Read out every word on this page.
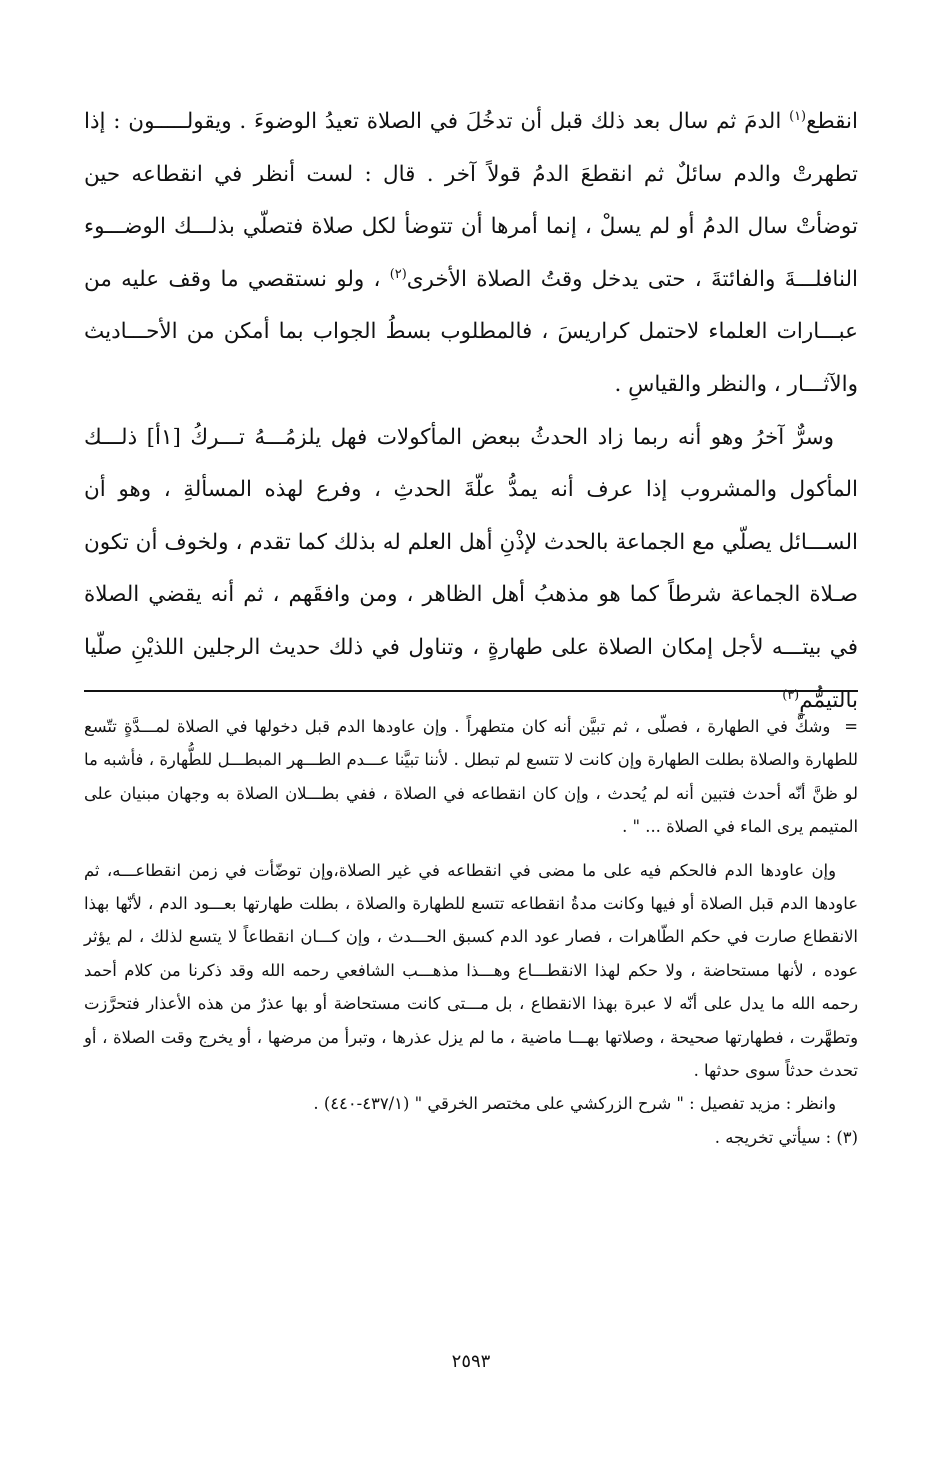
انقطع$^{(١)}$ الدمَ ثم سال بعد ذلك قبل أن تدخُلَ في الصلاة تعيدُ الوضوءَ . ويقولـــــون : إذا تطهرتْ والدم سائلٌ ثم انقطعَ الدمُ قولاً آخر . قال : لست أنظر في انقطاعه حين توضأتْ سال الدمُ أو لم يسلْ ، إنما أمرها أن تتوضأ لكل صلاة فتصلّي بذلـــك الوضـــوء النافلـــةَ والفائتةَ ، حتى يدخل وقتُ الصلاة الأخرى$^{(٢)}$ ، ولو نستقصي ما وقف عليه من عبـــارات العلماء لاحتمل كراريسَ ، فالمطلوب بسطُ الجواب بما أمكن من الأحـــاديث والآثـــار ، والنظر والقياسِ .

وسرٌّ آخرُ وهو أنه ربما زاد الحدثُ ببعض المأكولات فهل يلزمُـــهُ تـــركُ [١أ] ذلـــك المأكول والمشروب إذا عرف أنه يمدُّ علّةَ الحدثِ ، وفرع لهذه المسألةِ ، وهو أن الســـائل يصلّي مع الجماعة بالحدث لإذْنِ أهل العلم له بذلك كما تقدم ، ولخوف أن تكون صـلاة الجماعة شرطاً كما هو مذهبُ أهل الظاهر ، ومن وافقَهم ، ثم أنه يقضي الصلاة في بيتـــه لأجل إمكان الصلاة على طهارةٍ ، وتناول في ذلك حديث الرجلين اللذيْنِ صلّيا بالتيمُّمِ$^{(٣)}$

=وشكَّ في الطهارة ، فصلّى ، ثم تبيَّن أنه كان متطهراً . وإن عاودها الدم قبل دخولها في الصلاة لمـــدَّةٍ تتّسع للطهارة والصلاة بطلت الطهارة وإن كانت لا تتسع لم تبطل . لأننا تبيَّنا عـــدم الطـــهر المبطـــل للطُّهارة ، فأشبه ما لو ظنَّ أنّه أحدث فتبين أنه لم يُحدث ، وإن كان انقطاعه في الصلاة ، ففي بطـــلان الصلاة به وجهان مبنيان على المتيمم يرى الماء في الصلاة ... " .

وإن عاودها الدم فالحكم فيه على ما مضى في انقطاعه في غير الصلاة،وإن توضّأت في زمن انقطاعـــه، ثم عاودها الدم قبل الصلاة أو فيها وكانت مدةُ انقطاعه تتسع للطهارة والصلاة ، بطلت طهارتها بعـــود الدم ، لأنّها بهذا الانقطاع صارت في حكم الطّاهرات ، فصار عود الدم كسبق الحـــدث ، وإن كـــان انقطاعاً لا يتسع لذلك ، لم يؤثر عوده ، لأنها مستحاضة ، ولا حكم لهذا الانقطـــاع وهـــذا مذهـــب الشافعي رحمه الله وقد ذكرنا من كلام أحمد رحمه الله ما يدل على أنّه لا عبرة بهذا الانقطاع ، بل مـــتى كانت مستحاضة أو بها عذرٌ من هذه الأعذار فتحرَّزت وتطهَّرت ، فطهارتها صحيحة ، وصلاتها بهـــا ماضية ، ما لم يزل عذرها ، وتبرأ من مرضها ، أو يخرج وقت الصلاة ، أو تحدث حدثاً سوى حدثها .

وانظر : مزيد تفصيل : " شرح الزركشي على مختصر الخرقي " (٤٣٧/١-٤٤٠) .

(٣) : سيأتي تخريجه .

٢٥٩٣
